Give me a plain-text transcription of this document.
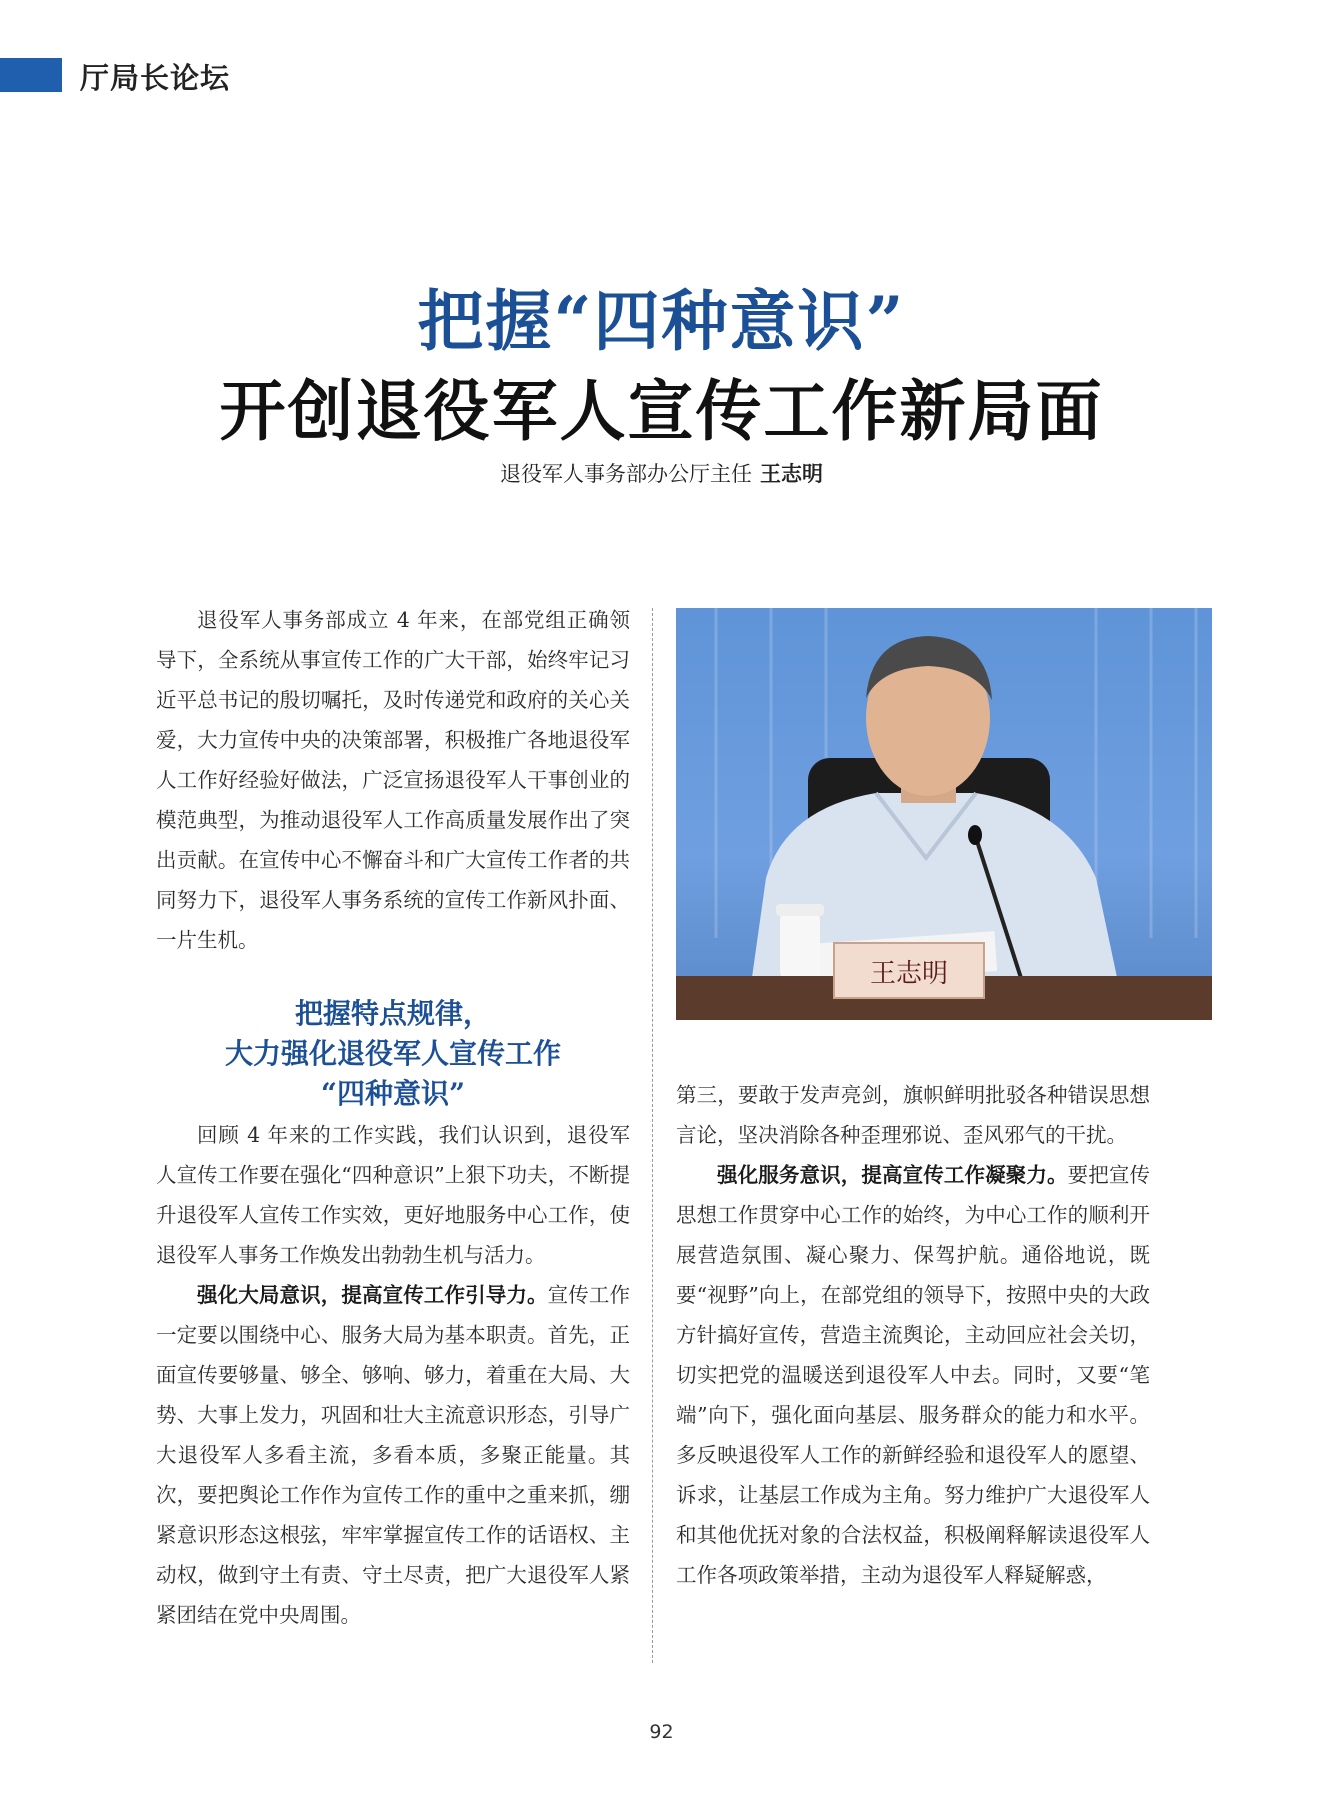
厅局长论坛
把握“四种意识”
开创退役军人宣传工作新局面
退役军人事务部办公厅主任 王志明

退役军人事务部成立 4 年来，在部党组正确领导下，全系统从事宣传工作的广大干部，始终牢记习近平总书记的殷切嘱托，及时传递党和政府的关心关爱，大力宣传中央的决策部署，积极推广各地退役军人工作好经验好做法，广泛宣扬退役军人干事创业的模范典型，为推动退役军人工作高质量发展作出了突出贡献。在宣传中心不懈奋斗和广大宣传工作者的共同努力下，退役军人事务系统的宣传工作新风扑面、一片生机。

把握特点规律，
大力强化退役军人宣传工作
“四种意识”

回顾 4 年来的工作实践，我们认识到，退役军人宣传工作要在强化“四种意识”上狠下功夫，不断提升退役军人宣传工作实效，更好地服务中心工作，使退役军人事务工作焕发出勃勃生机与活力。

强化大局意识，提高宣传工作引导力。宣传工作一定要以围绕中心、服务大局为基本职责。首先，正面宣传要够量、够全、够响、够力，着重在大局、大势、大事上发力，巩固和壮大主流意识形态，引导广大退役军人多看主流，多看本质，多聚正能量。其次，要把舆论工作作为宣传工作的重中之重来抓，绷紧意识形态这根弦，牢牢掌握宣传工作的话语权、主动权，做到守土有责、守土尽责，把广大退役军人紧紧团结在党中央周围。

王志明

第三，要敢于发声亮剑，旗帜鲜明批驳各种错误思想言论，坚决消除各种歪理邪说、歪风邪气的干扰。

强化服务意识，提高宣传工作凝聚力。要把宣传思想工作贯穿中心工作的始终，为中心工作的顺利开展营造氛围、凝心聚力、保驾护航。通俗地说，既要“视野”向上，在部党组的领导下，按照中央的大政方针搞好宣传，营造主流舆论，主动回应社会关切，切实把党的温暖送到退役军人中去。同时，又要“笔端”向下，强化面向基层、服务群众的能力和水平。多反映退役军人工作的新鲜经验和退役军人的愿望、诉求，让基层工作成为主角。努力维护广大退役军人和其他优抚对象的合法权益，积极阐释解读退役军人工作各项政策举措，主动为退役军人释疑解惑，

92
